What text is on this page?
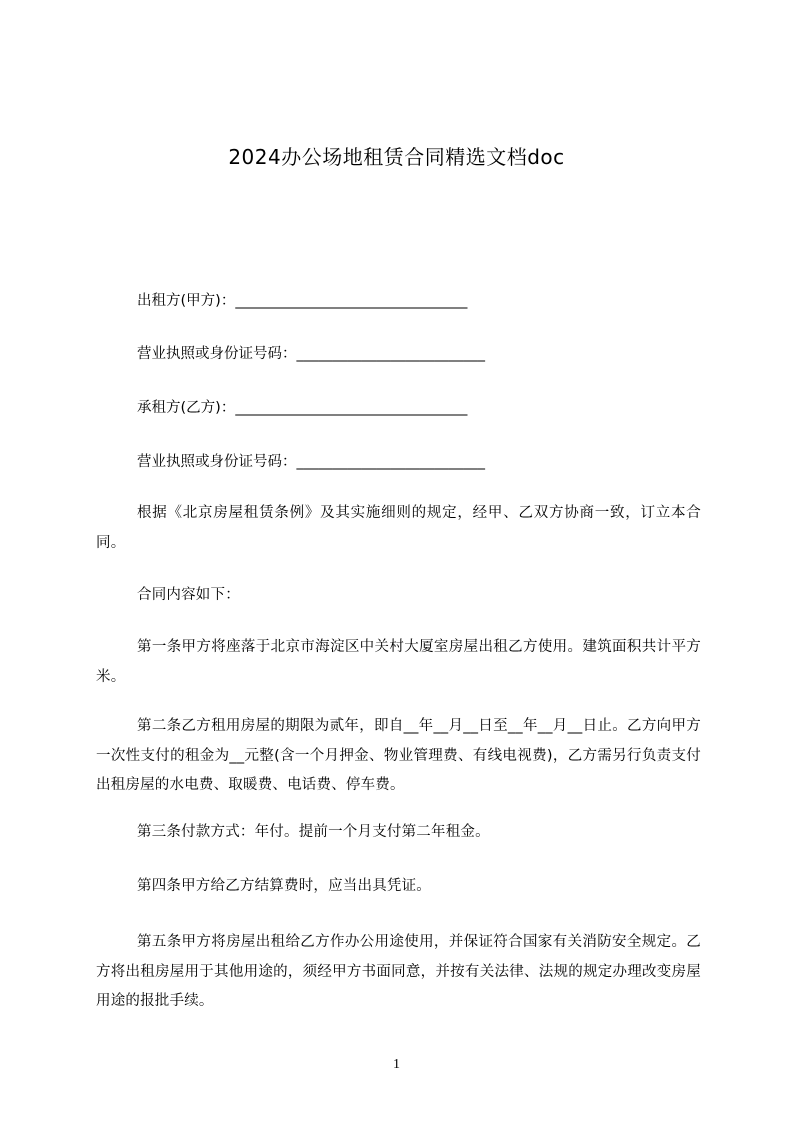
2024办公场地租赁合同精选文档doc
出租方(甲方)：________________________________
营业执照或身份证号码：__________________________
承租方(乙方)：________________________________
营业执照或身份证号码：__________________________
根据《北京房屋租赁条例》及其实施细则的规定，经甲、乙双方协商一致，订立本合同。
合同内容如下：
第一条甲方将座落于北京市海淀区中关村大厦室房屋出租乙方使用。建筑面积共计平方米。
第二条乙方租用房屋的期限为贰年，即自__年__月__日至__年__月__日止。乙方向甲方一次性支付的租金为__元整(含一个月押金、物业管理费、有线电视费)，乙方需另行负责支付出租房屋的水电费、取暖费、电话费、停车费。
第三条付款方式：年付。提前一个月支付第二年租金。
第四条甲方给乙方结算费时，应当出具凭证。
第五条甲方将房屋出租给乙方作办公用途使用，并保证符合国家有关消防安全规定。乙方将出租房屋用于其他用途的，须经甲方书面同意，并按有关法律、法规的规定办理改变房屋用途的报批手续。
1
